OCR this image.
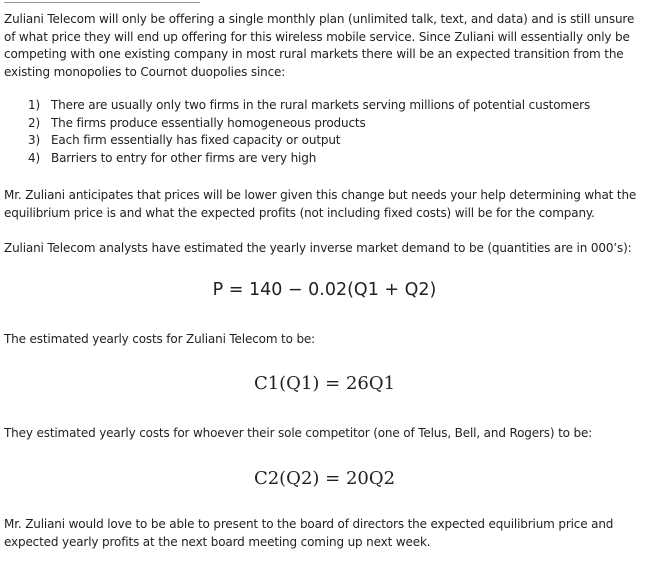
Zuliani Telecom will only be offering a single monthly plan (unlimited talk, text, and data) and is still unsure of what price they will end up offering for this wireless mobile service. Since Zuliani will essentially only be competing with one existing company in most rural markets there will be an expected transition from the existing monopolies to Cournot duopolies since:

1) There are usually only two firms in the rural markets serving millions of potential customers
2) The firms produce essentially homogeneous products
3) Each firm essentially has fixed capacity or output
4) Barriers to entry for other firms are very high

Mr. Zuliani anticipates that prices will be lower given this change but needs your help determining what the equilibrium price is and what the expected profits (not including fixed costs) will be for the company.

Zuliani Telecom analysts have estimated the yearly inverse market demand to be (quantities are in 000’s):

P = 140 − 0.02(Q1 + Q2)

The estimated yearly costs for Zuliani Telecom to be:

C1(Q1) = 26Q1

They estimated yearly costs for whoever their sole competitor (one of Telus, Bell, and Rogers) to be:

C2(Q2) = 20Q2

Mr. Zuliani would love to be able to present to the board of directors the expected equilibrium price and expected yearly profits at the next board meeting coming up next week.
